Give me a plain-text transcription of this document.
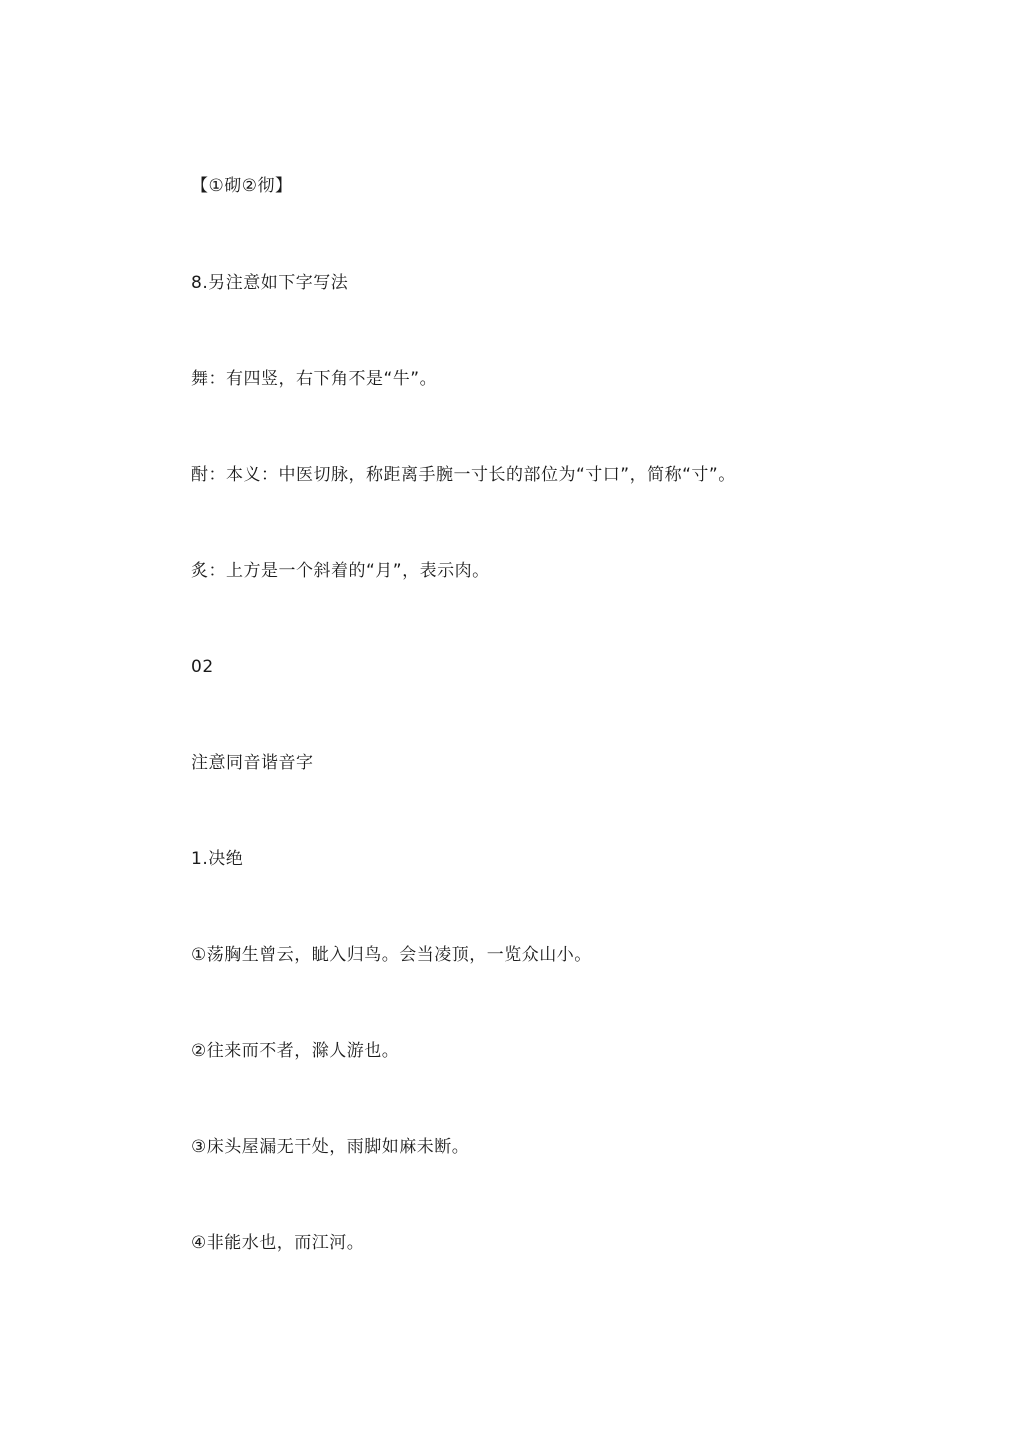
【①砌②彻】
8.另注意如下字写法
舞：有四竖，右下角不是“牛”。
酎：本义：中医切脉，称距离手腕一寸长的部位为“寸口”，简称“寸”。
炙：上方是一个斜着的“月”，表示肉。
02
注意同音谐音字
1.决绝
①荡胸生曾云，眦入归鸟。会当凌顶，一览众山小。
②往来而不者，滁人游也。
③床头屋漏无干处，雨脚如麻未断。
④非能水也，而江河。
